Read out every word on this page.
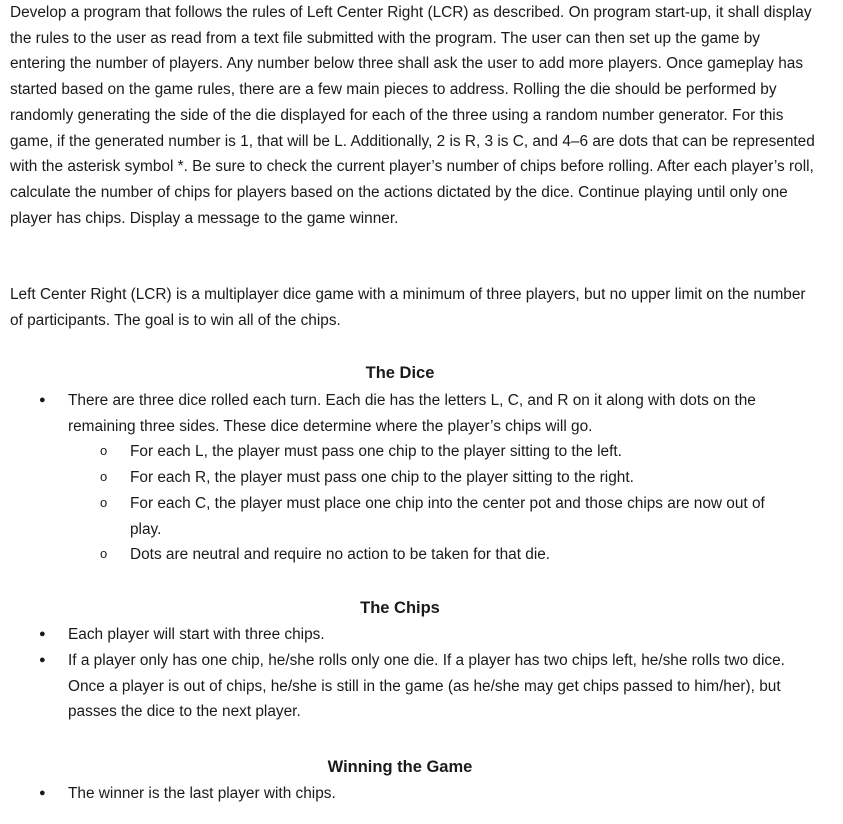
Develop a program that follows the rules of Left Center Right (LCR) as described. On program start-up, it shall display the rules to the user as read from a text file submitted with the program. The user can then set up the game by entering the number of players. Any number below three shall ask the user to add more players. Once gameplay has started based on the game rules, there are a few main pieces to address. Rolling the die should be performed by randomly generating the side of the die displayed for each of the three using a random number generator. For this game, if the generated number is 1, that will be L. Additionally, 2 is R, 3 is C, and 4–6 are dots that can be represented with the asterisk symbol *. Be sure to check the current player’s number of chips before rolling. After each player’s roll, calculate the number of chips for players based on the actions dictated by the dice. Continue playing until only one player has chips. Display a message to the game winner.

Left Center Right (LCR) is a multiplayer dice game with a minimum of three players, but no upper limit on the number of participants. The goal is to win all of the chips.

The Dice
● There are three dice rolled each turn. Each die has the letters L, C, and R on it along with dots on the remaining three sides. These dice determine where the player’s chips will go.
o For each L, the player must pass one chip to the player sitting to the left.
o For each R, the player must pass one chip to the player sitting to the right.
o For each C, the player must place one chip into the center pot and those chips are now out of play.
o Dots are neutral and require no action to be taken for that die.
The Chips
● Each player will start with three chips.
● If a player only has one chip, he/she rolls only one die. If a player has two chips left, he/she rolls two dice. Once a player is out of chips, he/she is still in the game (as he/she may get chips passed to him/her), but passes the dice to the next player.
Winning the Game
● The winner is the last player with chips.
